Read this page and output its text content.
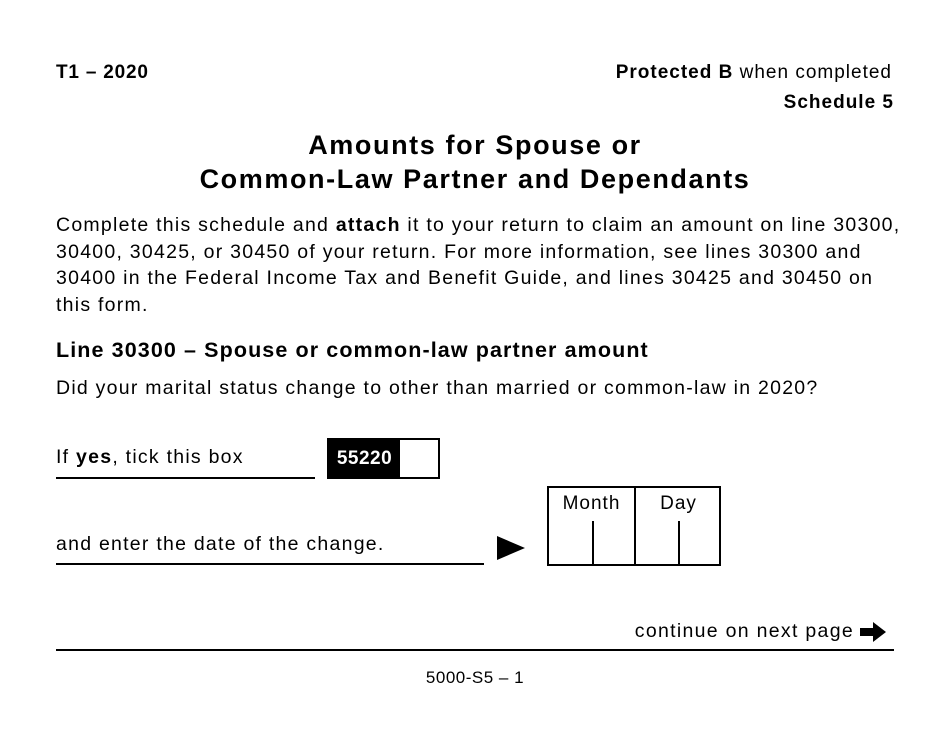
T1 – 2020	Protected B when completed
Schedule 5
Amounts for Spouse or
Common-Law Partner and Dependants
Complete this schedule and attach it to your return to claim an amount on line 30300, 30400, 30425, or 30450 of your return. For more information, see lines 30300 and 30400 in the Federal Income Tax and Benefit Guide, and lines 30425 and 30450 on this form.
Line 30300 – Spouse or common-law partner amount
Did your marital status change to other than married or common-law in 2020?
If yes, tick this box	55220
and enter the date of the change.
Month	Day
continue on next page
5000-S5 – 1
